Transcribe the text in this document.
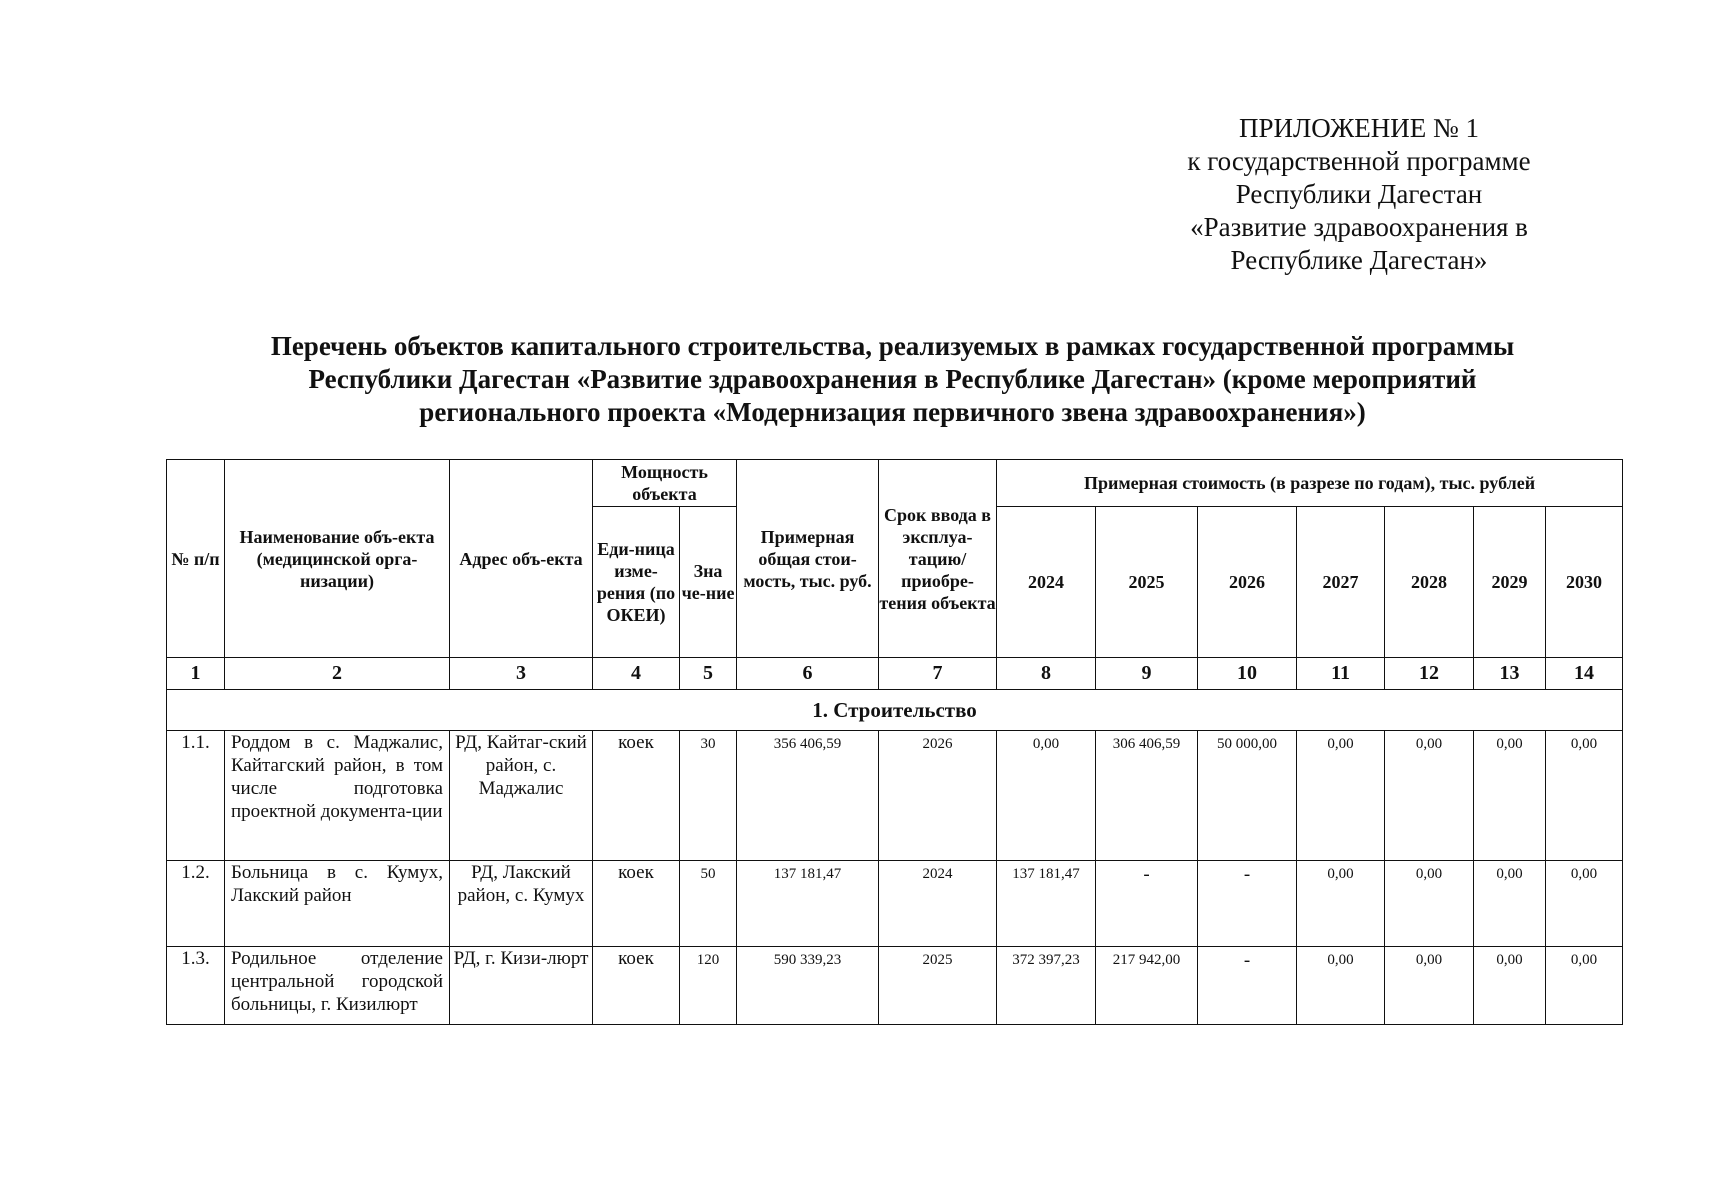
ПРИЛОЖЕНИЕ № 1
к государственной программе
Республики Дагестан
«Развитие здравоохранения в
Республике Дагестан»
Перечень объектов капитального строительства, реализуемых в рамках государственной программы
Республики Дагестан «Развитие здравоохранения в Республике Дагестан» (кроме мероприятий
регионального проекта «Модернизация первичного звена здравоохранения»)
№ п/п	Наименование объ-екта (медицинской орга-низации)	Адрес объ-екта	Мощность объекта		Примерная общая стои-мость, тыс. руб.	Срок ввода в эксплуа-тацию/ приобре-тения объекта	Примерная стоимость (в разрезе по годам), тыс. рублей						
			Еди-ница изме-рения (по ОКЕИ)	Зна че-ние			2024	2025	2026	2027	2028	2029	2030
1	2	3	4	5	6	7	8	9	10	11	12	13	14
1. Строительство													
1.1.	Роддом в с. Маджалис, Кайтагский район, в том числе подготовка проектной документа-ции	РД, Кайтаг-ский район, с. Маджалис	коек	30	356 406,59	2026	0,00	306 406,59	50 000,00	0,00	0,00	0,00	0,00
1.2.	Больница в с. Кумух, Лакский район	РД, Лакский район, с. Кумух	коек	50	137 181,47	2024	137 181,47	-	-	0,00	0,00	0,00	0,00
1.3.	Родильное отделение центральной городской больницы, г. Кизилюрт	РД, г. Кизи-люрт	коек	120	590 339,23	2025	372 397,23	217 942,00	-	0,00	0,00	0,00	0,00
